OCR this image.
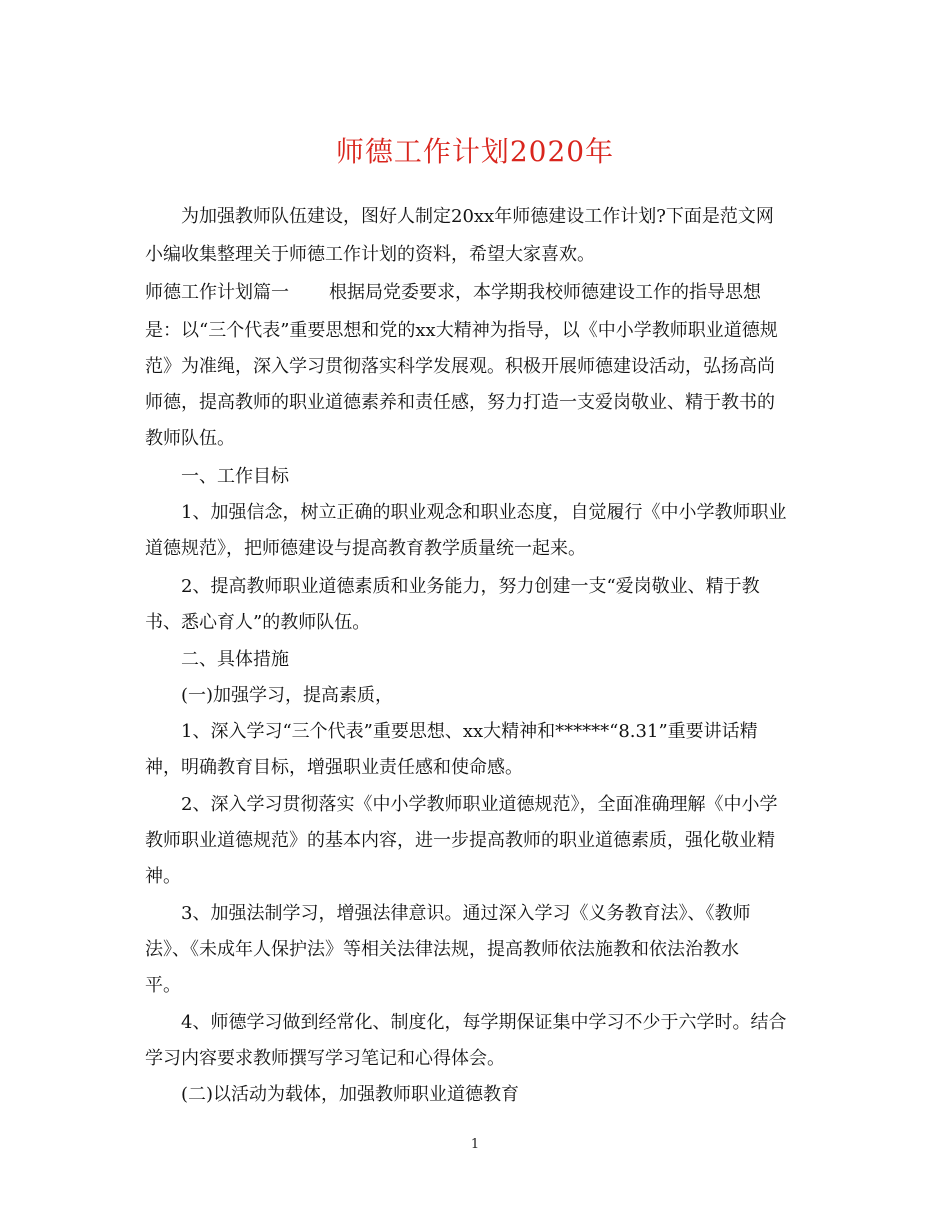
师德工作计划2020年
为加强教师队伍建设，图好人制定20xx年师德建设工作计划?下面是范文网
小编收集整理关于师德工作计划的资料，希望大家喜欢。
师德工作计划篇一 根据局党委要求，本学期我校师德建设工作的指导思想
是：以“三个代表”重要思想和党的xx大精神为指导，以《中小学教师职业道德规
范》为准绳，深入学习贯彻落实科学发展观。积极开展师德建设活动，弘扬高尚
师德，提高教师的职业道德素养和责任感，努力打造一支爱岗敬业、精于教书的
教师队伍。
一、工作目标
1、加强信念，树立正确的职业观念和职业态度，自觉履行《中小学教师职业
道德规范》，把师德建设与提高教育教学质量统一起来。
2、提高教师职业道德素质和业务能力，努力创建一支“爱岗敬业、精于教
书、悉心育人”的教师队伍。
二、具体措施
(一)加强学习，提高素质，
1、深入学习“三个代表”重要思想、xx大精神和******“8.31”重要讲话精
神，明确教育目标，增强职业责任感和使命感。
2、深入学习贯彻落实《中小学教师职业道德规范》，全面准确理解《中小学
教师职业道德规范》的基本内容，进一步提高教师的职业道德素质，强化敬业精
神。
3、加强法制学习，增强法律意识。通过深入学习《义务教育法》、《教师
法》、《未成年人保护法》等相关法律法规，提高教师依法施教和依法治教水
平。
4、师德学习做到经常化、制度化，每学期保证集中学习不少于六学时。结合
学习内容要求教师撰写学习笔记和心得体会。
(二)以活动为载体，加强教师职业道德教育
1
